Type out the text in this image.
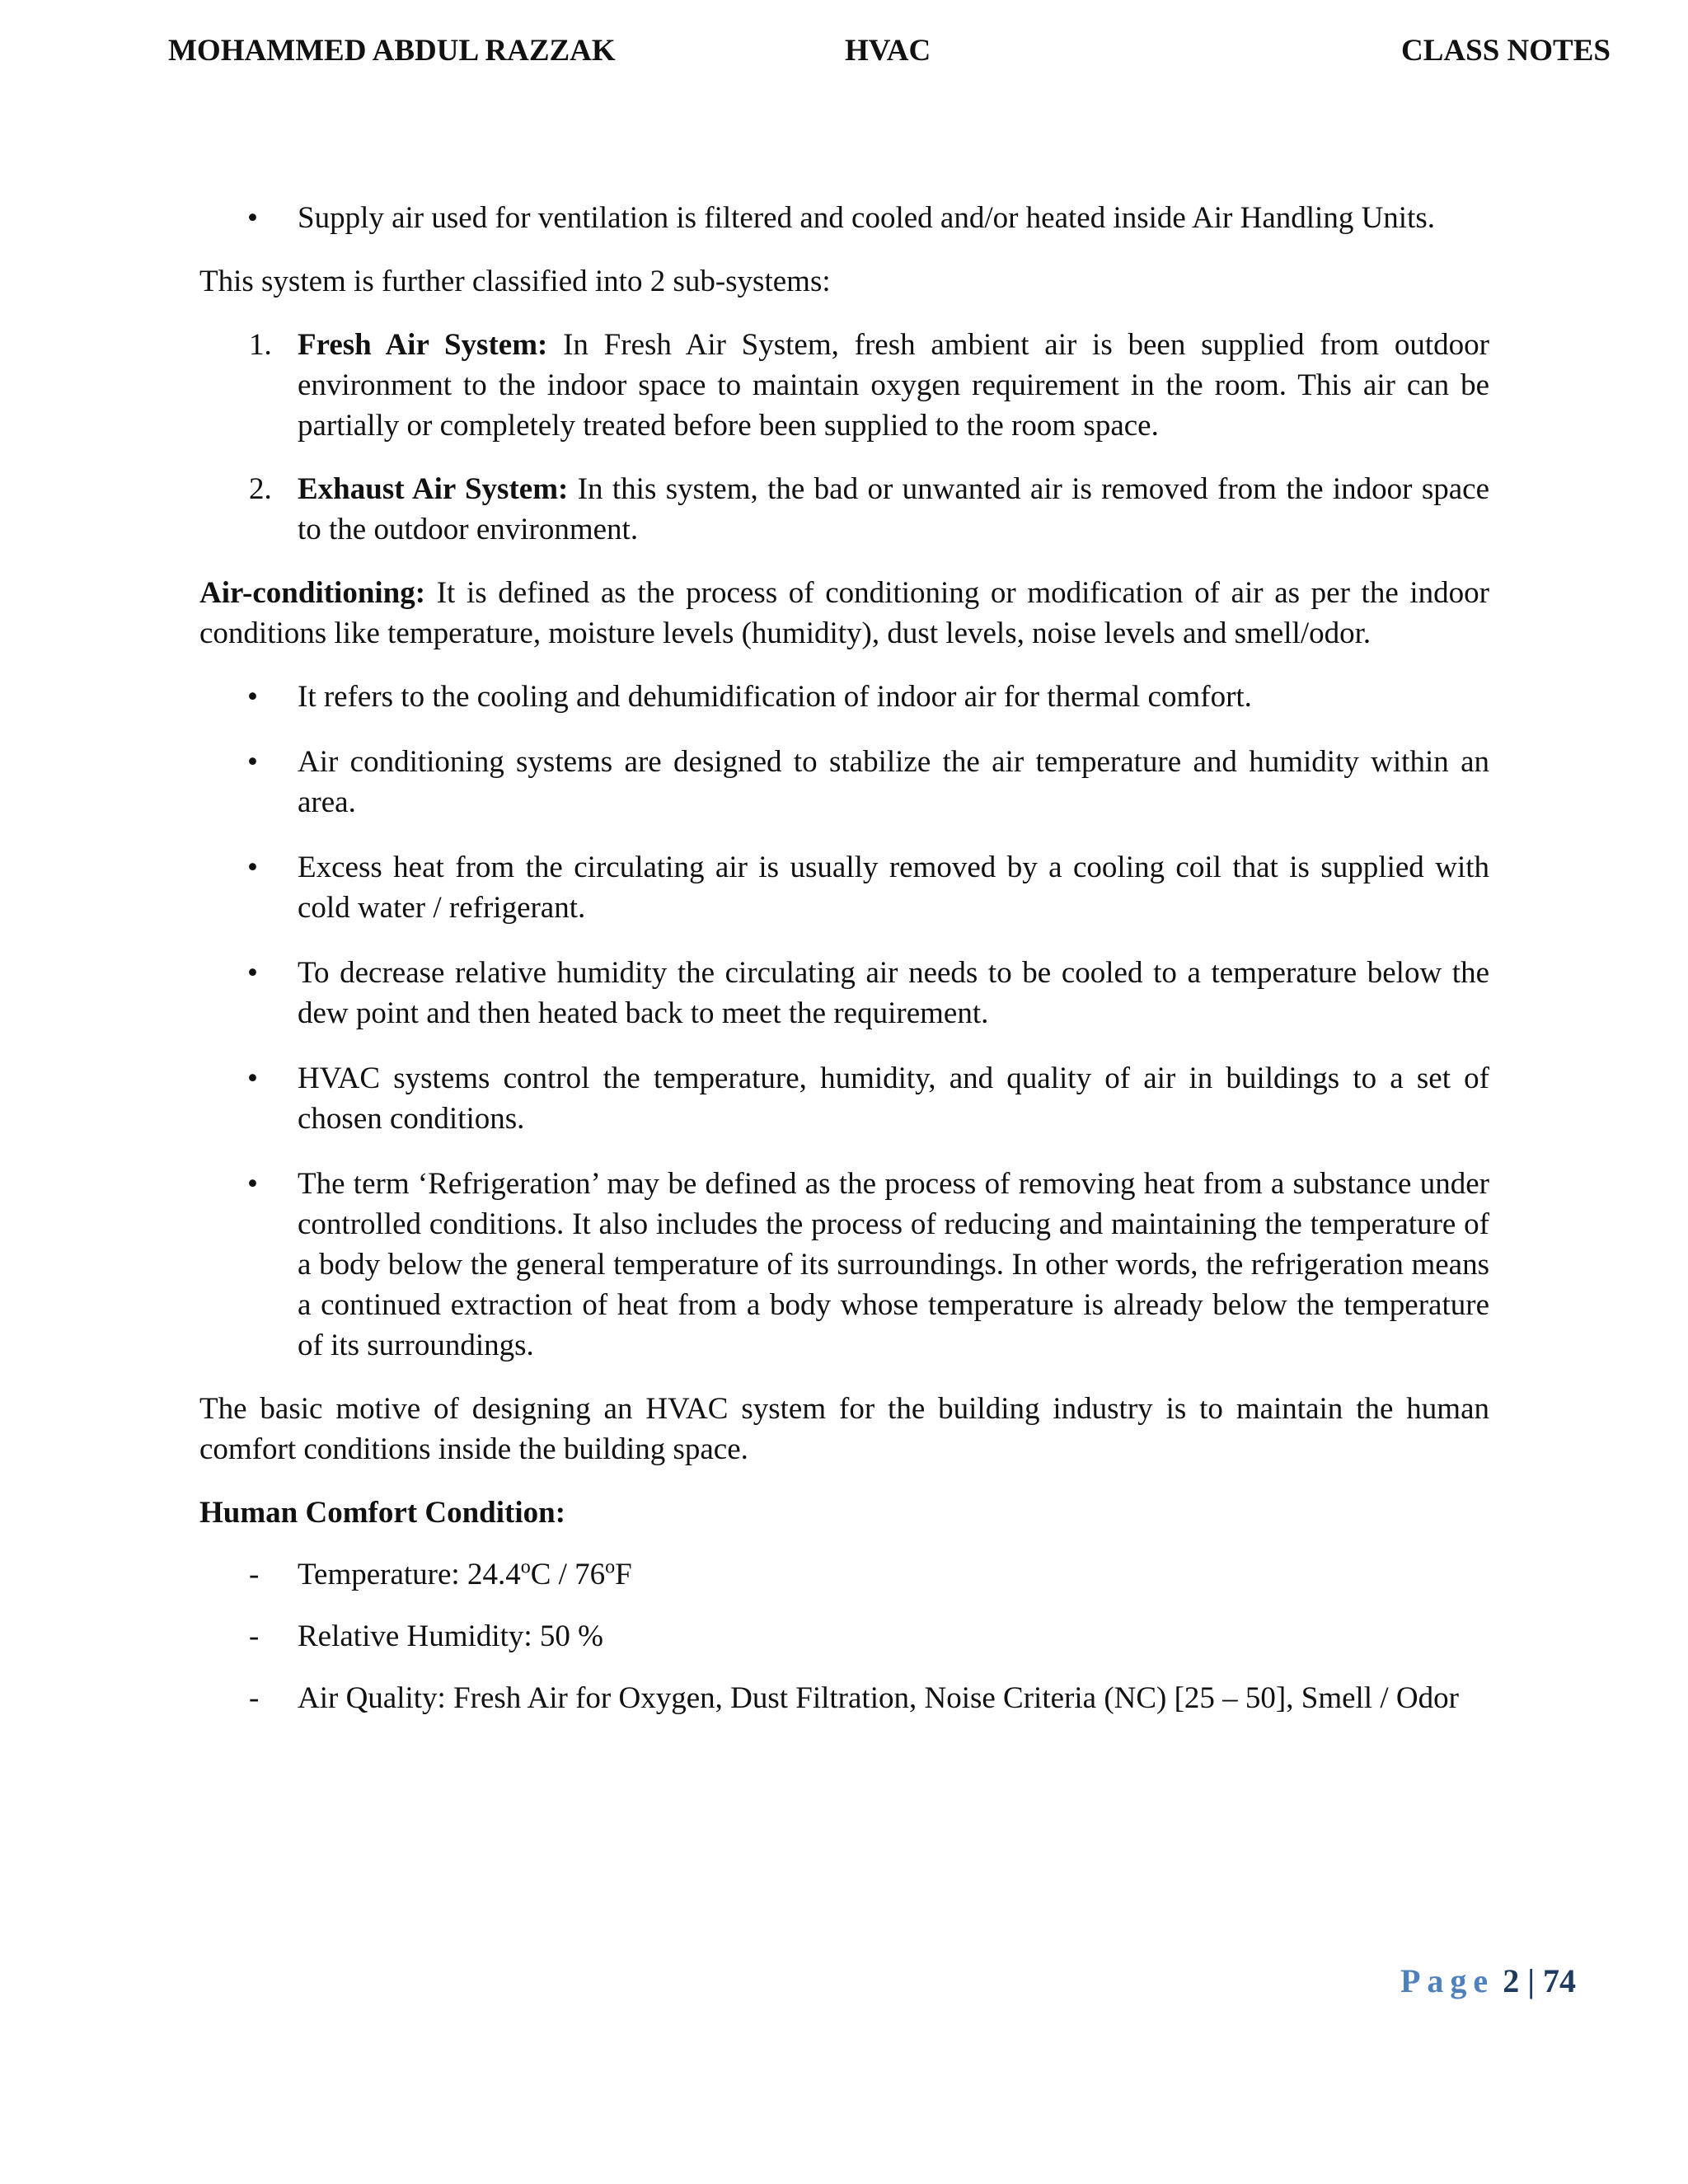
MOHAMMED ABDUL RAZZAK	HVAC	CLASS NOTES
• Supply air used for ventilation is filtered and cooled and/or heated inside Air Handling Units.

This system is further classified into 2 sub-systems:

1. Fresh Air System: In Fresh Air System, fresh ambient air is been supplied from outdoor environment to the indoor space to maintain oxygen requirement in the room. This air can be partially or completely treated before been supplied to the room space.
2. Exhaust Air System: In this system, the bad or unwanted air is removed from the indoor space to the outdoor environment.

Air-conditioning: It is defined as the process of conditioning or modification of air as per the indoor conditions like temperature, moisture levels (humidity), dust levels, noise levels and smell/odor.

• It refers to the cooling and dehumidification of indoor air for thermal comfort.
• Air conditioning systems are designed to stabilize the air temperature and humidity within an area.
• Excess heat from the circulating air is usually removed by a cooling coil that is supplied with cold water / refrigerant.
• To decrease relative humidity the circulating air needs to be cooled to a temperature below the dew point and then heated back to meet the requirement.
• HVAC systems control the temperature, humidity, and quality of air in buildings to a set of chosen conditions.
• The term ‘Refrigeration’ may be defined as the process of removing heat from a substance under controlled conditions. It also includes the process of reducing and maintaining the temperature of a body below the general temperature of its surroundings. In other words, the refrigeration means a continued extraction of heat from a body whose temperature is already below the temperature of its surroundings.

The basic motive of designing an HVAC system for the building industry is to maintain the human comfort conditions inside the building space.

Human Comfort Condition:

- Temperature: 24.4$^o$C / 76$^o$F
- Relative Humidity: 50 %
- Air Quality: Fresh Air for Oxygen, Dust Filtration, Noise Criteria (NC) [25 – 50], Smell / Odor
Page 2 | 74
